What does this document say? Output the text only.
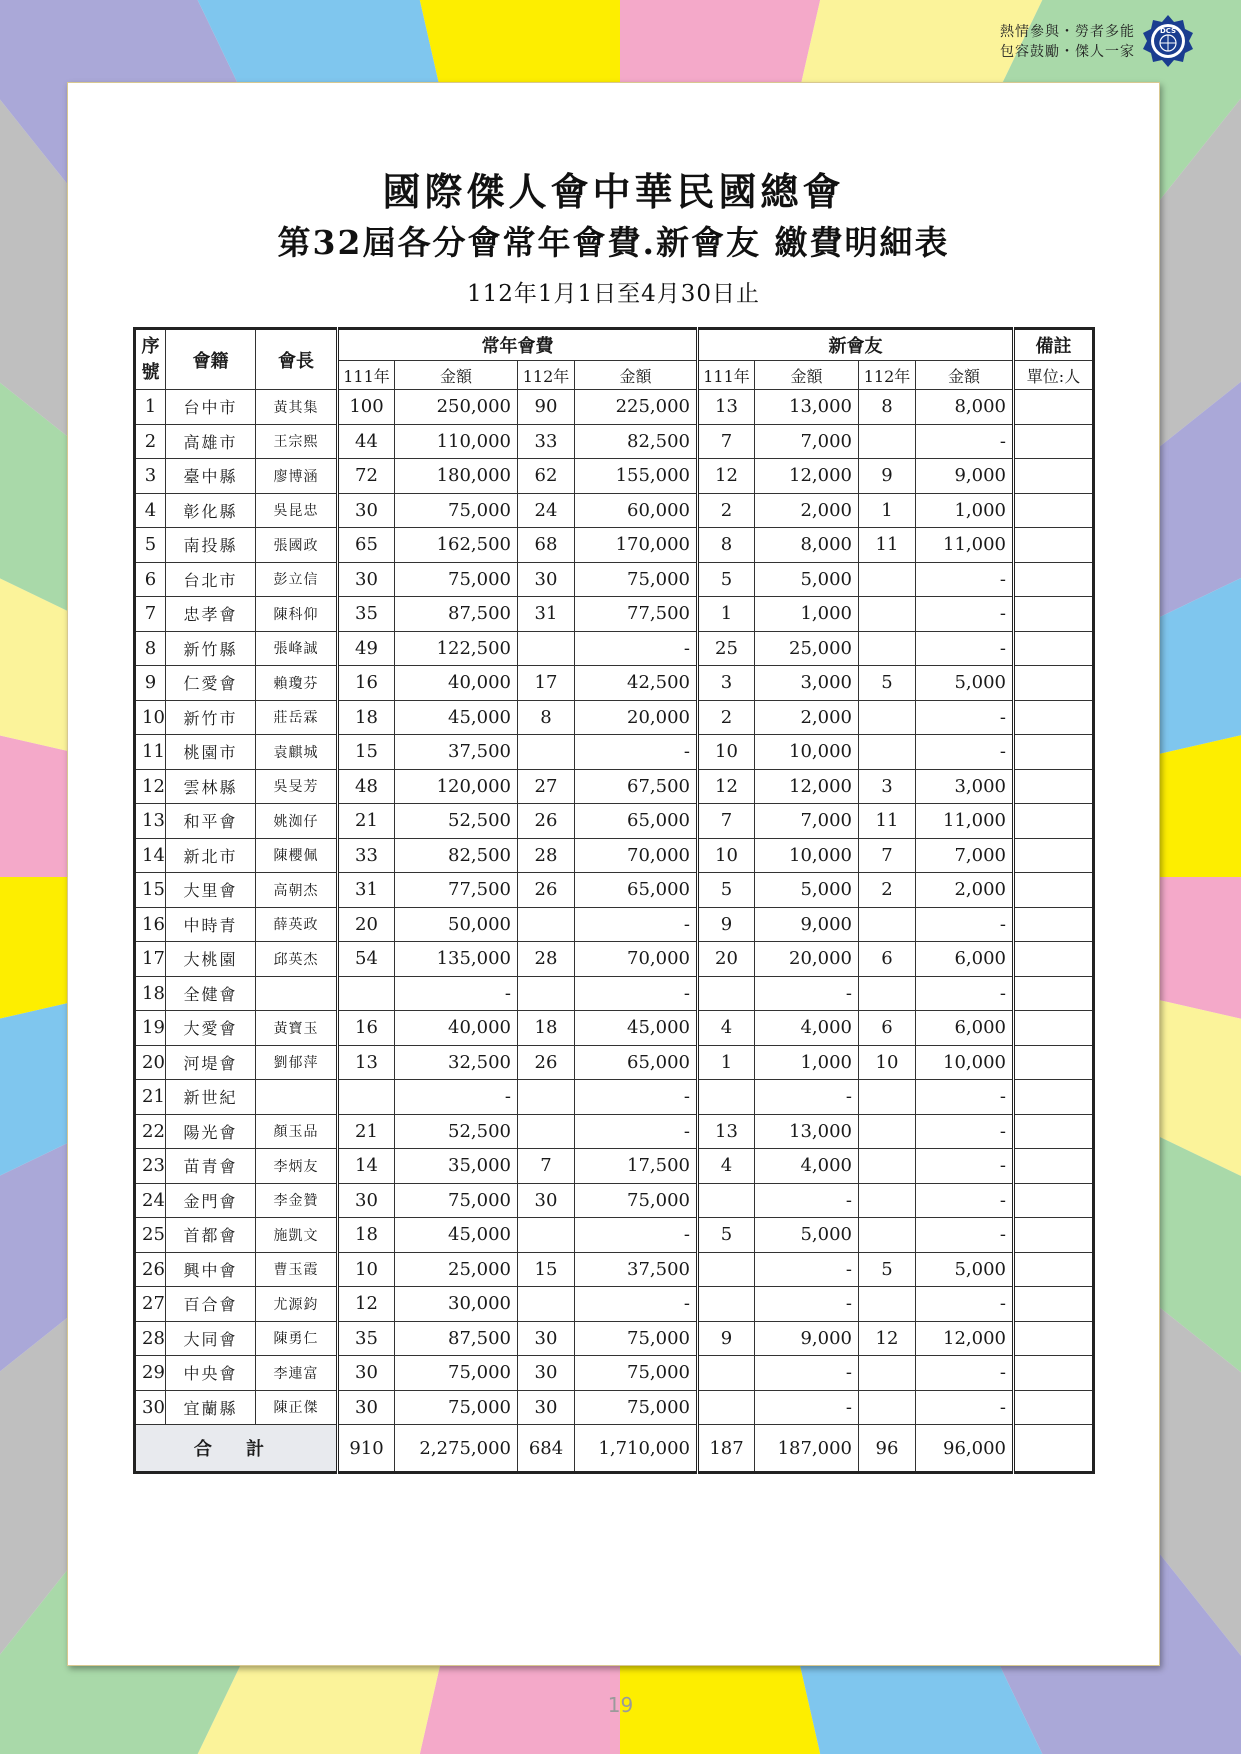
熱情參與・勞者多能
包容鼓勵・傑人一家
DCS
國際傑人會中華民國總會
第32屆各分會常年會費.新會友 繳費明細表
112年1月1日至4月30日止
序號	會籍	會長	常年會費				新會友				備註
			111年	金額	112年	金額	111年	金額	112年	金額	單位:人
1	台中市	黃其集	100	250,000	90	225,000	13	13,000	8	8,000	
2	高雄市	王宗熙	44	110,000	33	82,500	7	7,000		-	
3	臺中縣	廖博涵	72	180,000	62	155,000	12	12,000	9	9,000	
4	彰化縣	吳昆忠	30	75,000	24	60,000	2	2,000	1	1,000	
5	南投縣	張國政	65	162,500	68	170,000	8	8,000	11	11,000	
6	台北市	彭立信	30	75,000	30	75,000	5	5,000		-	
7	忠孝會	陳科仰	35	87,500	31	77,500	1	1,000		-	
8	新竹縣	張峰誠	49	122,500		-	25	25,000		-	
9	仁愛會	賴瓊芬	16	40,000	17	42,500	3	3,000	5	5,000	
10	新竹市	莊岳霖	18	45,000	8	20,000	2	2,000		-	
11	桃園市	袁麒城	15	37,500		-	10	10,000		-	
12	雲林縣	吳旻芳	48	120,000	27	67,500	12	12,000	3	3,000	
13	和平會	姚洳仔	21	52,500	26	65,000	7	7,000	11	11,000	
14	新北市	陳櫻佩	33	82,500	28	70,000	10	10,000	7	7,000	
15	大里會	高朝杰	31	77,500	26	65,000	5	5,000	2	2,000	
16	中時青	薛英政	20	50,000		-	9	9,000		-	
17	大桃園	邱英杰	54	135,000	28	70,000	20	20,000	6	6,000	
18	全健會			-		-		-		-	
19	大愛會	黃寶玉	16	40,000	18	45,000	4	4,000	6	6,000	
20	河堤會	劉郁萍	13	32,500	26	65,000	1	1,000	10	10,000	
21	新世紀			-		-		-		-	
22	陽光會	顏玉品	21	52,500		-	13	13,000		-	
23	苗青會	李炳友	14	35,000	7	17,500	4	4,000		-	
24	金門會	李金贊	30	75,000	30	75,000		-		-	
25	首都會	施凱文	18	45,000		-	5	5,000		-	
26	興中會	曹玉霞	10	25,000	15	37,500		-	5	5,000	
27	百合會	尤源鈞	12	30,000		-		-		-	
28	大同會	陳勇仁	35	87,500	30	75,000	9	9,000	12	12,000	
29	中央會	李連富	30	75,000	30	75,000		-		-	
30	宜蘭縣	陳正傑	30	75,000	30	75,000		-		-	
合 計			910	2,275,000	684	1,710,000	187	187,000	96	96,000	
19
